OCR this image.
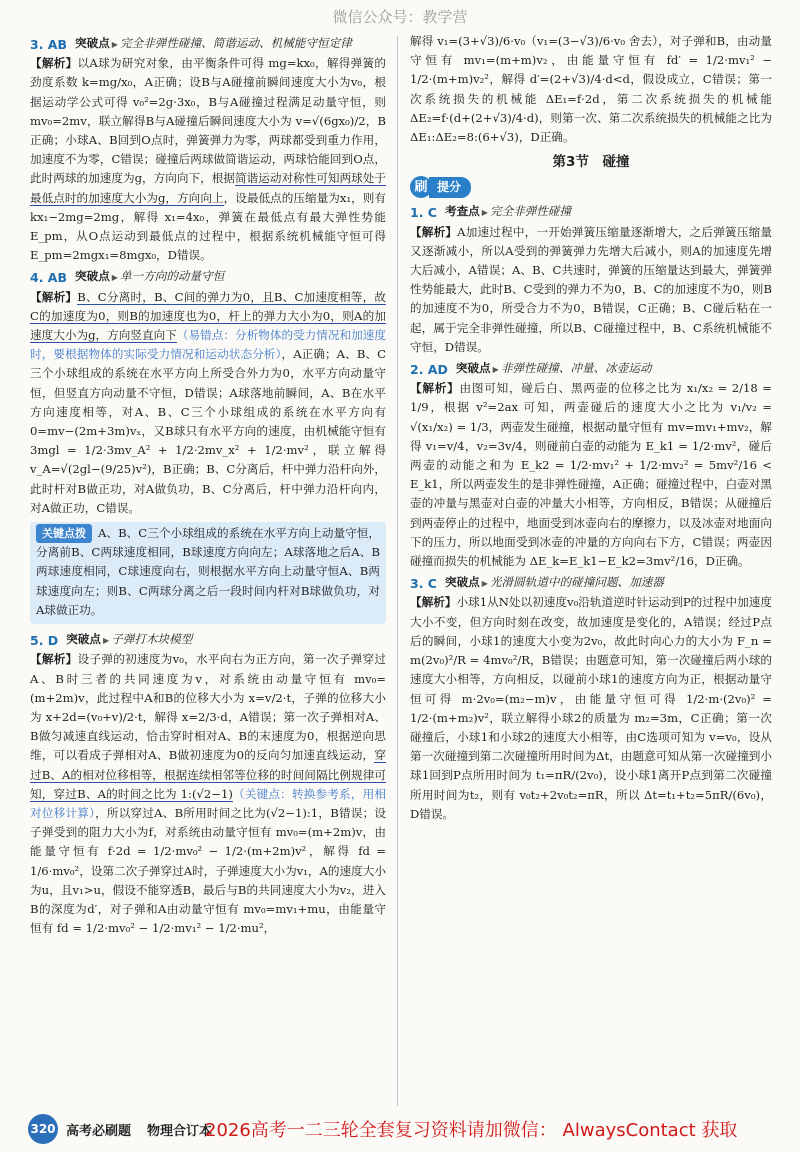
微信公众号：教学营
3. AB 突破点 ▶ 完全非弹性碰撞、简谐运动、机械能守恒定律

【解析】以A球为研究对象，由平衡条件可得 mg=kx₀，解得弹簧的劲度系数 k=mg/x₀，A正确；设B与A碰撞前瞬间速度大小为v₀，根据运动学公式可得 v₀²=2g·3x₀，B与A碰撞过程满足动量守恒，则 mv₀=2mv，联立解得B与A碰撞后瞬间速度大小为 v=√(6gx₀)/2，B正确；小球A、B回到O点时，弹簧弹力为零，两球都受到重力作用，加速度不为零，C错误；碰撞后两球做简谐运动，两球恰能回到O点，此时两球的加速度为g，方向向下，根据简谐运动对称性可知两球处于最低点时的加速度大小为g，方向向上，设最低点的压缩量为x₁，则有 kx₁−2mg=2mg，解得 x₁=4x₀，弹簧在最低点有最大弹性势能E_pm，从O点运动到最低点的过程中，根据系统机械能守恒可得 E_pm=2mgx₁=8mgx₀，D错误。

4. AB 突破点 ▶ 单一方向的动量守恒

【解析】B、C分离时，B、C间的弹力为0，且B、C加速度相等，故C的加速度为0，则B的加速度也为0，杆上的弹力大小为0，则A的加速度大小为g，方向竖直向下（易错点：分析物体的受力情况和加速度时，要根据物体的实际受力情况和运动状态分析），A正确；A、B、C三个小球组成的系统在水平方向上所受合外力为0，水平方向动量守恒，但竖直方向动量不守恒，D错误；A球落地前瞬间，A、B在水平方向速度相等，对A、B、C三个小球组成的系统在水平方向有 0=mv−(2m+3m)vₓ，又B球只有水平方向的速度，由机械能守恒有 3mgl = 1/2·3mv_A² + 1/2·2mv_x² + 1/2·mv²，联立解得 v_A=√(2gl−(9/25)v²)，B正确；B、C分离后，杆中弹力沿杆向外，此时杆对B做正功，对A做负功，B、C分离后，杆中弹力沿杆向内，对A做正功，C错误。

关键点拨 A、B、C三个小球组成的系统在水平方向上动量守恒，分离前B、C两球速度相同，B球速度方向向左；A球落地之后A、B两球速度相同，C球速度向右，则根据水平方向上动量守恒A、B两球速度向左；则B、C两球分离之后一段时间内杆对B球做负功，对A球做正功。

5. D 突破点 ▶ 子弹打木块模型

【解析】设子弹的初速度为v₀，水平向右为正方向，第一次子弹穿过A、B时三者的共同速度为v，对系统由动量守恒有 mv₀=(m+2m)v，此过程中A和B的位移大小为 x=v/2·t，子弹的位移大小为 x+2d=(v₀+v)/2·t，解得 x=2/3·d，A错误；第一次子弹相对A、B做匀减速直线运动，恰击穿时相对A、B的末速度为0，根据逆向思维，可以看成子弹相对A、B做初速度为0的反向匀加速直线运动，穿过B、A的相对位移相等，根据连续相邻等位移的时间间隔比例规律可知，穿过B、A的时间之比为 1:(√2−1)（关键点：转换参考系，用相对位移计算），所以穿过A、B所用时间之比为(√2−1):1，B错误；设子弹受到的阻力大小为f，对系统由动量守恒有 mv₀=(m+2m)v，由能量守恒有 f·2d = 1/2·mv₀² − 1/2·(m+2m)v²，解得 fd = 1/6·mv₀²，设第二次子弹穿过A时，子弹速度大小为v₁，A的速度大小为u，且v₁>u，假设不能穿透B，最后与B的共同速度大小为v₂，进入B的深度为d′，对子弹和A由动量守恒有 mv₀=mv₁+mu，由能量守恒有 fd = 1/2·mv₀² − 1/2·mv₁² − 1/2·mu²，

解得 v₁=(3+√3)/6·v₀（v₁=(3−√3)/6·v₀ 舍去），对子弹和B，由动量守恒有 mv₁=(m+m)v₂，由能量守恒有 fd′ = 1/2·mv₁² − 1/2·(m+m)v₂²，解得 d′=(2+√3)/4·d<d，假设成立，C错误；第一次系统损失的机械能 ΔE₁=f·2d，第二次系统损失的机械能 ΔE₂=f·(d+(2+√3)/4·d)，则第一次、第二次系统损失的机械能之比为 ΔE₁:ΔE₂=8:(6+√3)，D正确。

第3节　碰撞
刷 提分
1. C 考查点 ▶ 完全非弹性碰撞

【解析】A加速过程中，一开始弹簧压缩量逐渐增大，之后弹簧压缩量又逐渐减小，所以A受到的弹簧弹力先增大后减小，则A的加速度先增大后减小，A错误；A、B、C共速时，弹簧的压缩量达到最大，弹簧弹性势能最大，此时B、C受到的弹力不为0，B、C的加速度不为0，则B的加速度不为0，所受合力不为0，B错误，C正确；B、C碰后粘在一起，属于完全非弹性碰撞，所以B、C碰撞过程中，B、C系统机械能不守恒，D错误。

2. AD 突破点 ▶ 非弹性碰撞、冲量、冰壶运动

【解析】由图可知，碰后白、黑两壶的位移之比为 x₁/x₂ = 2/18 = 1/9，根据 v²=2ax 可知，两壶碰后的速度大小之比为 v₁/v₂ = √(x₁/x₂) = 1/3，两壶发生碰撞，根据动量守恒有 mv=mv₁+mv₂，解得 v₁=v/4，v₂=3v/4，则碰前白壶的动能为 E_k1 = 1/2·mv²，碰后两壶的动能之和为 E_k2 = 1/2·mv₁² + 1/2·mv₂² = 5mv²/16 < E_k1，所以两壶发生的是非弹性碰撞，A正确；碰撞过程中，白壶对黑壶的冲量与黑壶对白壶的冲量大小相等，方向相反，B错误；从碰撞后到两壶停止的过程中，地面受到冰壶向右的摩擦力，以及冰壶对地面向下的压力，所以地面受到冰壶的冲量的方向向右下方，C错误；两壶因碰撞而损失的机械能为 ΔE_k=E_k1−E_k2=3mv²/16，D正确。

3. C 突破点 ▶ 光滑圆轨道中的碰撞问题、加速器

【解析】小球1从N处以初速度v₀沿轨道逆时针运动到P的过程中加速度大小不变，但方向时刻在改变，故加速度是变化的，A错误；经过P点后的瞬间，小球1的速度大小变为2v₀，故此时向心力的大小为 F_n = m(2v₀)²/R = 4mv₀²/R，B错误；由题意可知，第一次碰撞后两小球的速度大小相等，方向相反，以碰前小球1的速度方向为正，根据动量守恒可得 m·2v₀=(m₂−m)v，由能量守恒可得 1/2·m·(2v₀)² = 1/2·(m+m₂)v²，联立解得小球2的质量为 m₂=3m，C正确；第一次碰撞后，小球1和小球2的速度大小相等，由C选项可知为 v=v₀，设从第一次碰撞到第二次碰撞所用时间为Δt，由题意可知从第一次碰撞到小球1回到P点所用时间为 t₁=πR/(2v₀)，设小球1离开P点到第二次碰撞所用时间为t₂，则有 v₀t₂+2v₀t₂=πR，所以 Δt=t₁+t₂=5πR/(6v₀)，D错误。

320 高考必刷题 物理合订本
2026高考一二三轮全套复习资料请加微信： AlwaysContact 获取
